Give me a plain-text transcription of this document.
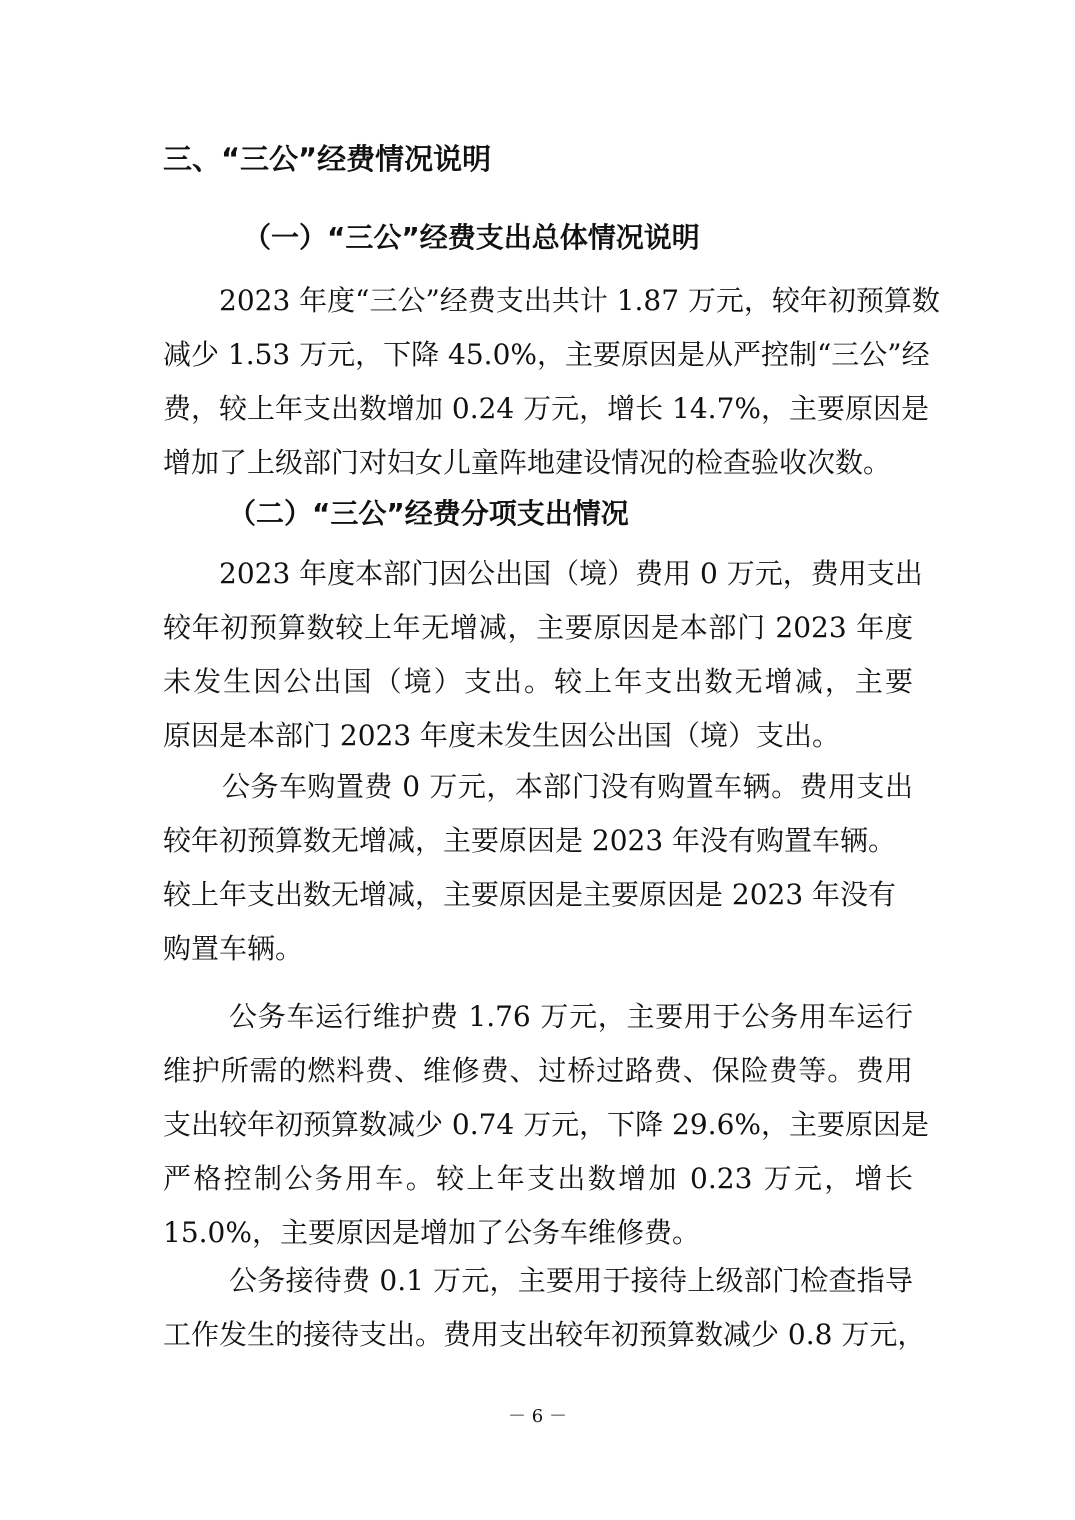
三、“三公”经费情况说明
（一）“三公”经费支出总体情况说明
2023 年度“三公”经费支出共计 1.87 万元，较年初预算数
减少 1.53 万元，下降 45.0%，主要原因是从严控制“三公”经
费，较上年支出数增加 0.24 万元，增长 14.7%，主要原因是
增加了上级部门对妇女儿童阵地建设情况的检查验收次数。
（二）“三公”经费分项支出情况
2023 年度本部门因公出国（境）费用 0 万元，费用支出
较年初预算数较上年无增减，主要原因是本部门 2023 年度
未发生因公出国（境）支出。较上年支出数无增减，主要
原因是本部门 2023 年度未发生因公出国（境）支出。
公务车购置费 0 万元，本部门没有购置车辆。费用支出
较年初预算数无增减，主要原因是 2023 年没有购置车辆。
较上年支出数无增减，主要原因是主要原因是 2023 年没有
购置车辆。
公务车运行维护费 1.76 万元，主要用于公务用车运行
维护所需的燃料费、维修费、过桥过路费、保险费等。费用
支出较年初预算数减少 0.74 万元，下降 29.6%，主要原因是
严格控制公务用车。较上年支出数增加 0.23 万元，增长
15.0%，主要原因是增加了公务车维修费。
公务接待费 0.1 万元，主要用于接待上级部门检查指导
工作发生的接待支出。费用支出较年初预算数减少 0.8 万元，
－ 6 －
